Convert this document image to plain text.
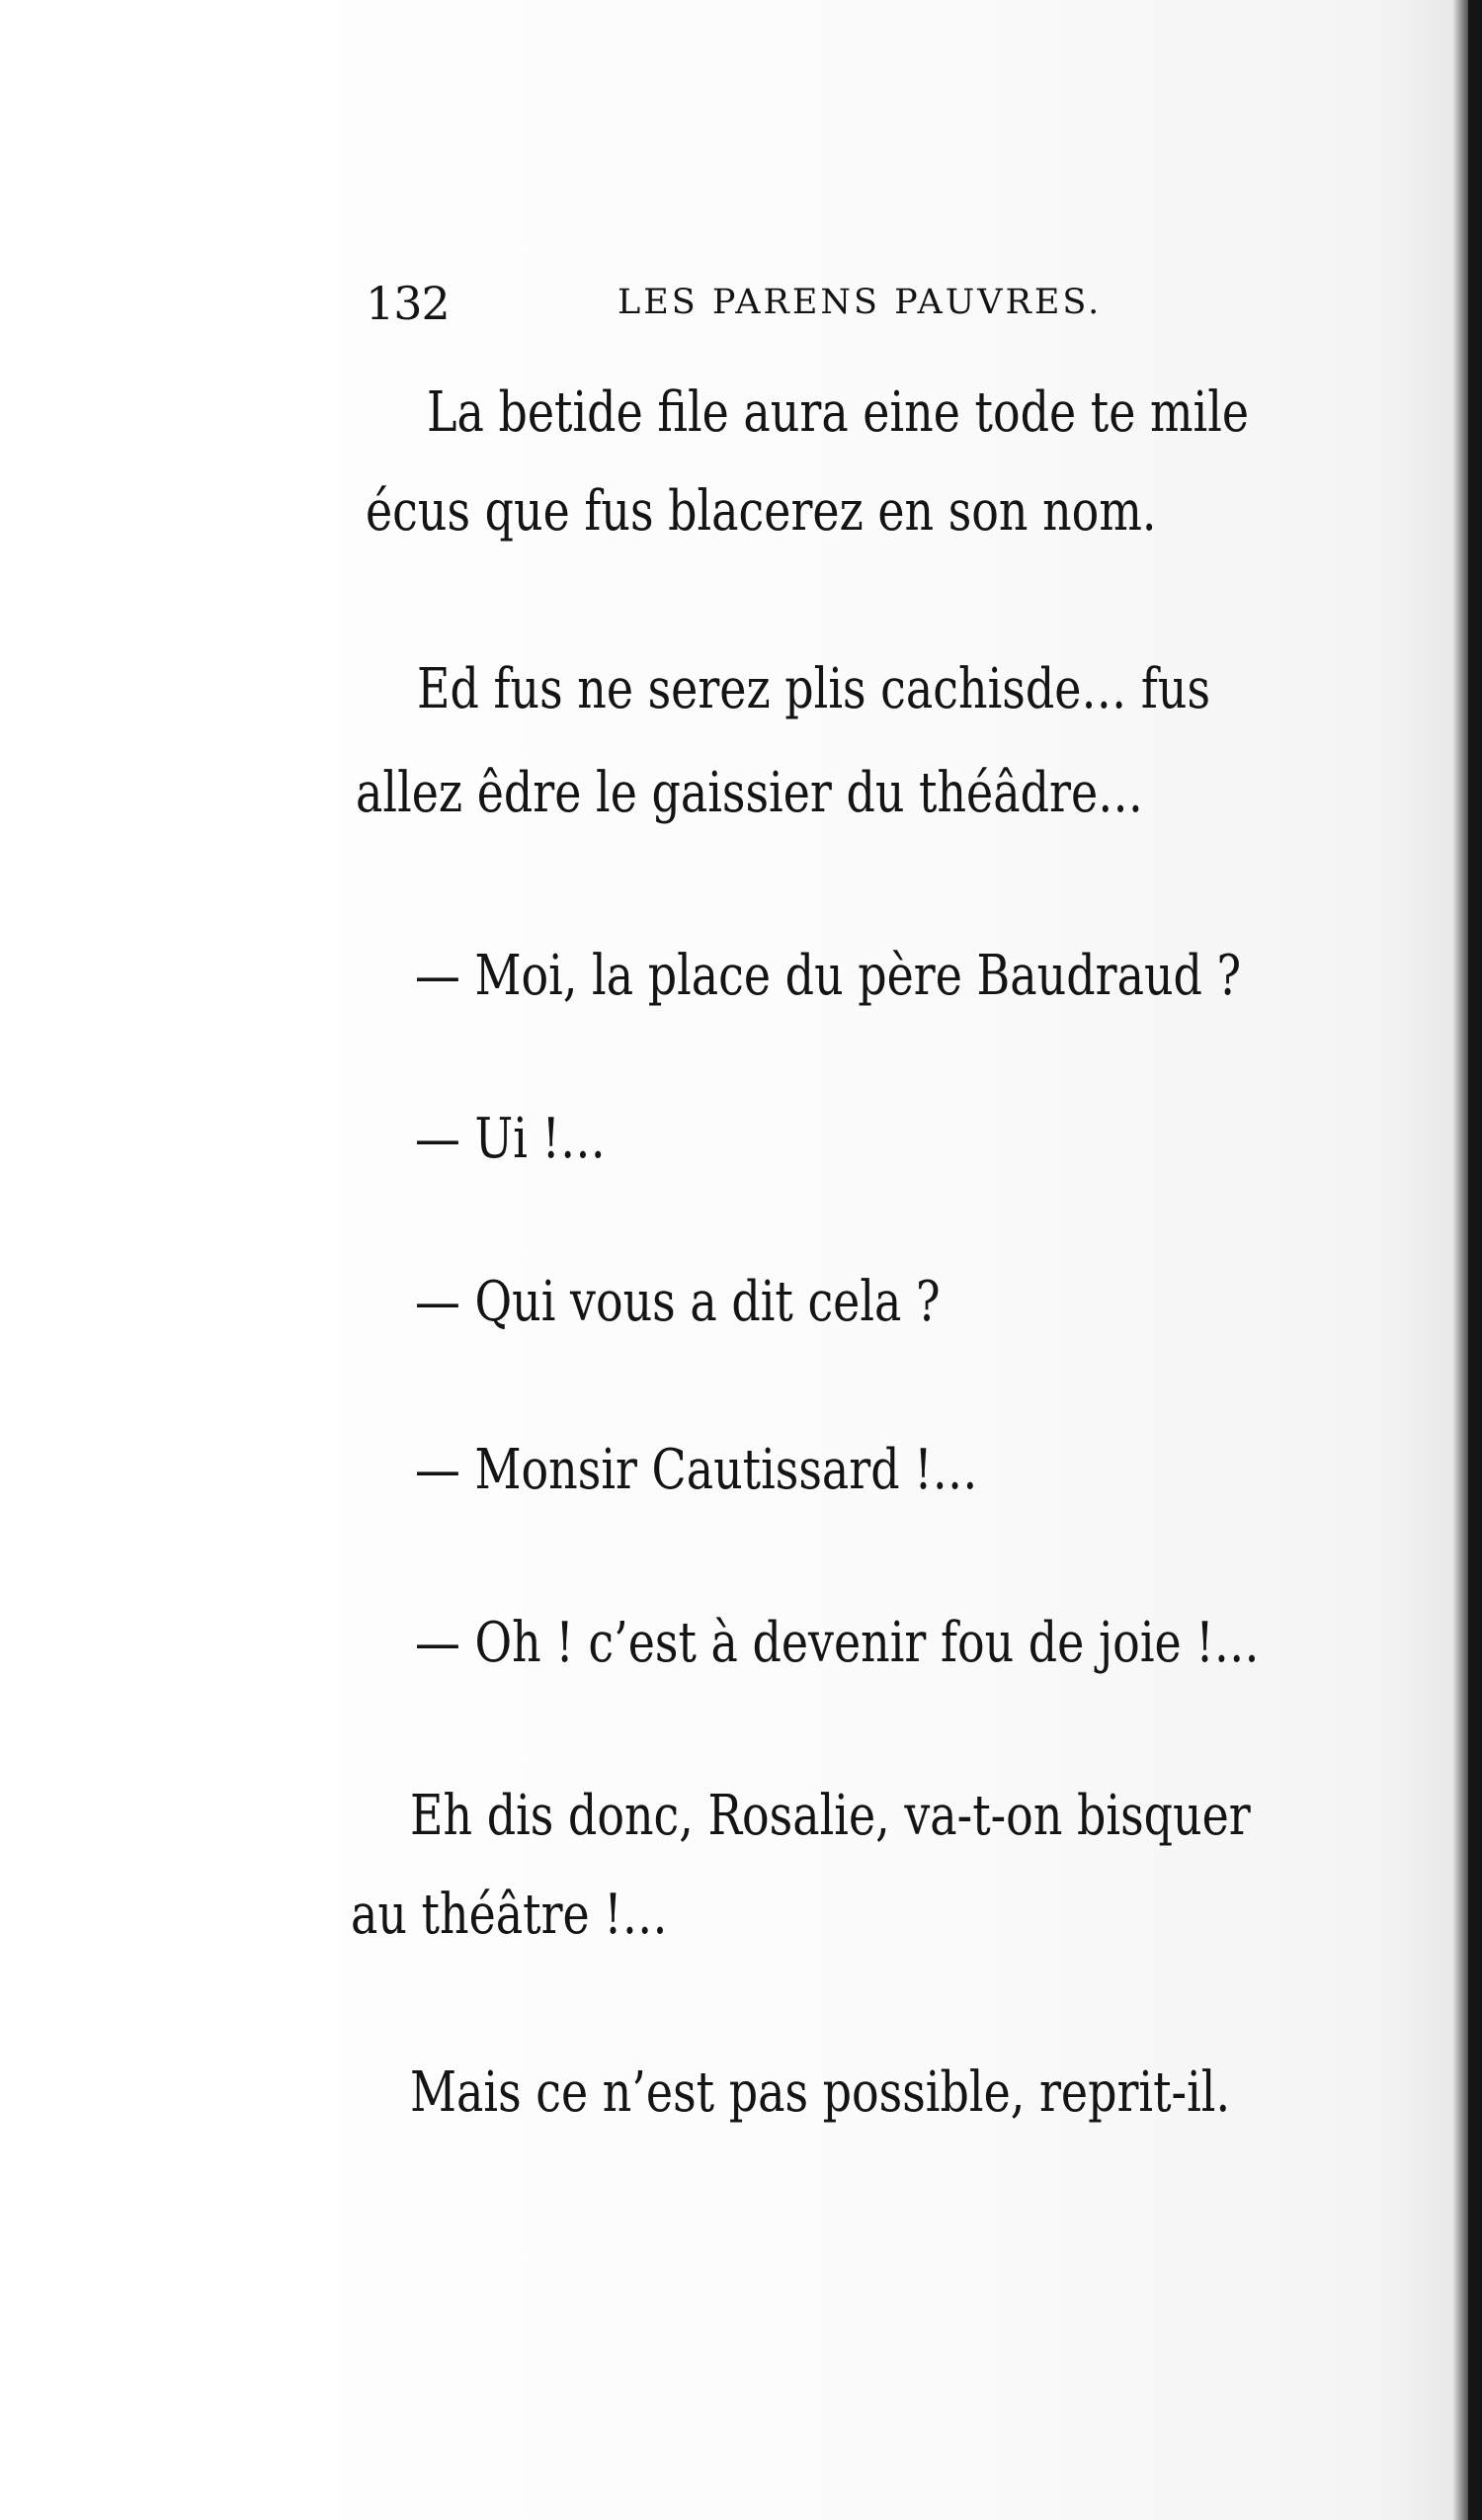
132	LES PARENS PAUVRES.
La betide file aura eine tode te mile
écus que fus blacerez en son nom.
Ed fus ne serez plis cachisde… fus
allez êdre le gaissier du théâdre…
— Moi, la place du père Baudraud ?
— Ui !…
— Qui vous a dit cela ?
— Monsir Cautissard !…
— Oh ! c’est à devenir fou de joie !…
Eh dis donc, Rosalie, va-t-on bisquer
au théâtre !…
Mais ce n’est pas possible, reprit-il.
